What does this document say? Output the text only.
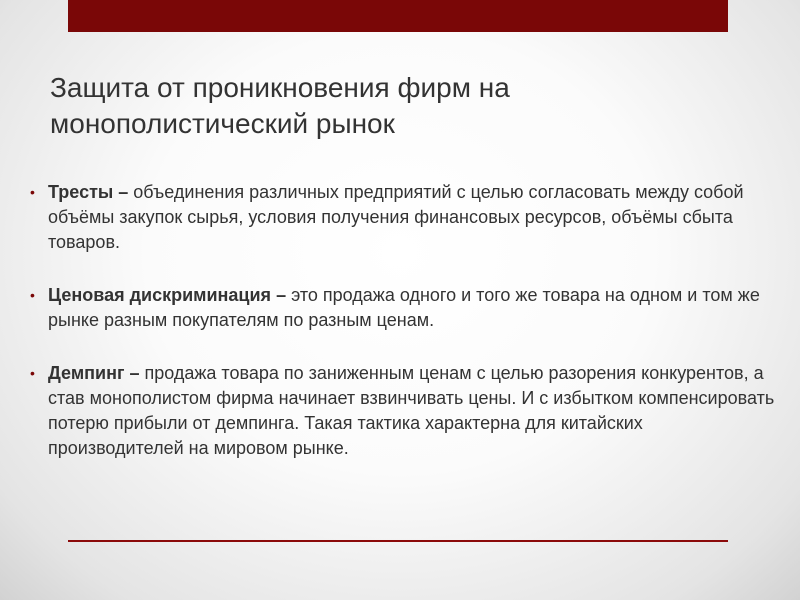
Защита от проникновения фирм на
монополистический рынок
• Тресты – объединения различных предприятий с целью согласовать между собой объёмы закупок сырья, условия получения финансовых ресурсов, объёмы сбыта товаров.
• Ценовая дискриминация – это продажа одного и того же товара на одном и том же рынке разным покупателям по разным ценам.
• Демпинг – продажа товара по заниженным ценам с целью разорения конкурентов, а став монополистом фирма начинает взвинчивать цены. И с избытком компенсировать потерю прибыли от демпинга. Такая тактика характерна для китайских производителей на мировом рынке.
